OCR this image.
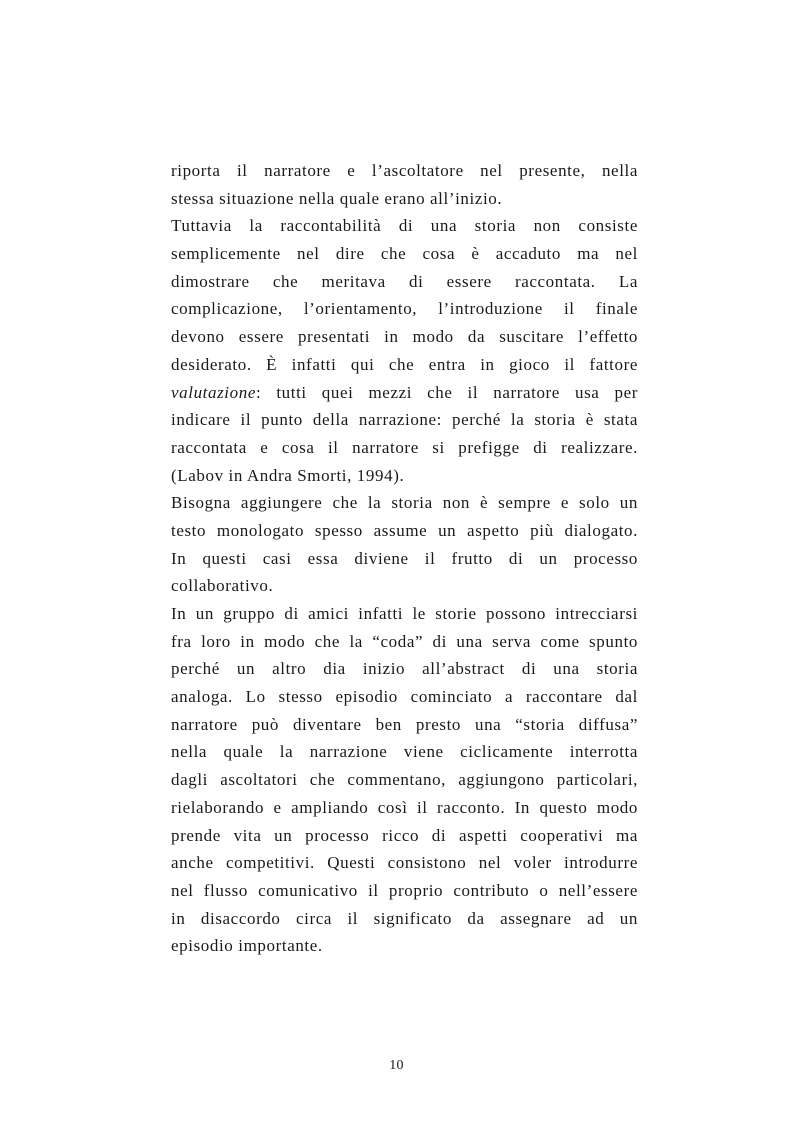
riporta il narratore e l’ascoltatore nel presente, nella
stessa situazione nella quale erano all’inizio.
Tuttavia la raccontabilità di una storia non consiste
semplicemente nel dire che cosa è accaduto ma nel
dimostrare che meritava di essere raccontata. La
complicazione, l’orientamento, l’introduzione il finale
devono essere presentati in modo da suscitare l’effetto
desiderato. È infatti qui che entra in gioco il fattore
valutazione: tutti quei mezzi che il narratore usa per
indicare il punto della narrazione: perché la storia è stata
raccontata e cosa il narratore si prefigge di realizzare.
(Labov in Andra Smorti, 1994).
Bisogna aggiungere che la storia non è sempre e solo un
testo monologato spesso assume un aspetto più dialogato.
In questi casi essa diviene il frutto di un processo
collaborativo.
In un gruppo di amici infatti le storie possono intrecciarsi
fra loro in modo che la “coda” di una serva come spunto
perché un altro dia inizio all’abstract di una storia
analoga. Lo stesso episodio cominciato a raccontare dal
narratore può diventare ben presto una “storia diffusa”
nella quale la narrazione viene ciclicamente interrotta
dagli ascoltatori che commentano, aggiungono particolari,
rielaborando e ampliando così il racconto. In questo modo
prende vita un processo ricco di aspetti cooperativi ma
anche competitivi. Questi consistono nel voler introdurre
nel flusso comunicativo il proprio contributo o nell’essere
in disaccordo circa il significato da assegnare ad un
episodio importante.
10
